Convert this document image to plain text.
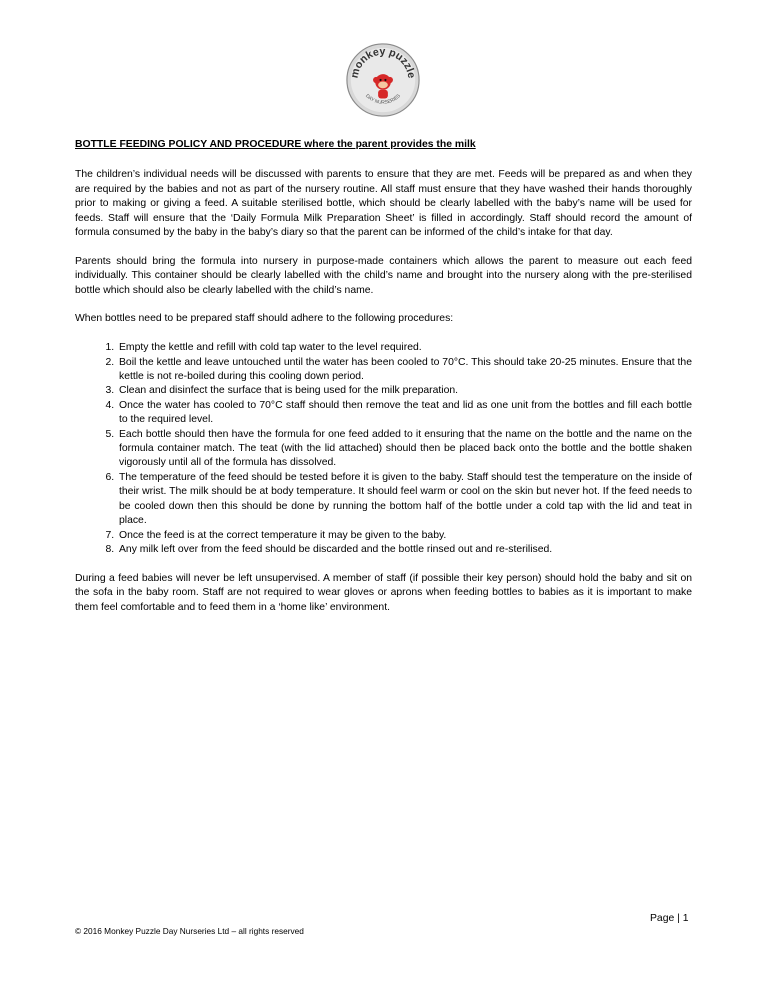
monkey puzzle
DAY NURSERIES
BOTTLE FEEDING POLICY AND PROCEDURE where the parent provides the milk

The children’s individual needs will be discussed with parents to ensure that they are met. Feeds will be prepared as and when they are required by the babies and not as part of the nursery routine. All staff must ensure that they have washed their hands thoroughly prior to making or giving a feed. A suitable sterilised bottle, which should be clearly labelled with the baby’s name will be used for feeds. Staff will ensure that the ‘Daily Formula Milk Preparation Sheet’ is filled in accordingly. Staff should record the amount of formula consumed by the baby in the baby’s diary so that the parent can be informed of the child’s intake for that day.

Parents should bring the formula into nursery in purpose-made containers which allows the parent to measure out each feed individually. This container should be clearly labelled with the child’s name and brought into the nursery along with the pre-sterilised bottle which should also be clearly labelled with the child’s name.

When bottles need to be prepared staff should adhere to the following procedures:

1. Empty the kettle and refill with cold tap water to the level required.
2. Boil the kettle and leave untouched until the water has been cooled to 70°C. This should take 20-25 minutes. Ensure that the kettle is not re-boiled during this cooling down period.
3. Clean and disinfect the surface that is being used for the milk preparation.
4. Once the water has cooled to 70°C staff should then remove the teat and lid as one unit from the bottles and fill each bottle to the required level.
5. Each bottle should then have the formula for one feed added to it ensuring that the name on the bottle and the name on the formula container match. The teat (with the lid attached) should then be placed back onto the bottle and the bottle shaken vigorously until all of the formula has dissolved.
6. The temperature of the feed should be tested before it is given to the baby. Staff should test the temperature on the inside of their wrist. The milk should be at body temperature. It should feel warm or cool on the skin but never hot. If the feed needs to be cooled down then this should be done by running the bottom half of the bottle under a cold tap with the lid and teat in place.
7. Once the feed is at the correct temperature it may be given to the baby.
8. Any milk left over from the feed should be discarded and the bottle rinsed out and re-sterilised.

During a feed babies will never be left unsupervised. A member of staff (if possible their key person) should hold the baby and sit on the sofa in the baby room. Staff are not required to wear gloves or aprons when feeding bottles to babies as it is important to make them feel comfortable and to feed them in a ‘home like’ environment.

Page | 1
© 2016 Monkey Puzzle Day Nurseries Ltd – all rights reserved
